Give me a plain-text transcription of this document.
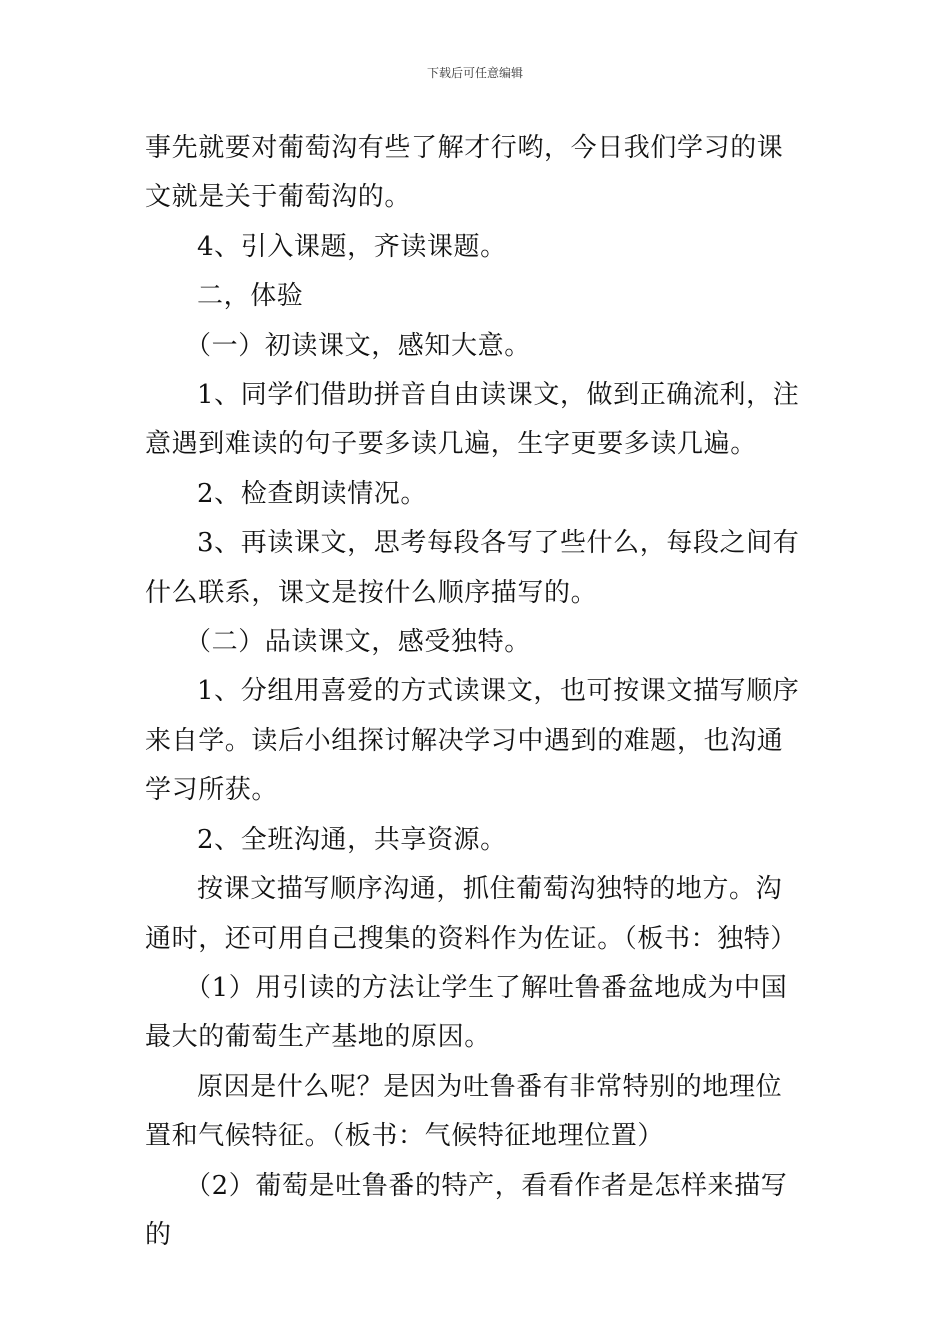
下载后可任意编辑

事先就要对葡萄沟有些了解才行哟，今日我们学习的课文就是关于葡萄沟的。

4、引入课题，齐读课题。

二，体验

（一）初读课文，感知大意。

1、同学们借助拼音自由读课文，做到正确流利，注意遇到难读的句子要多读几遍，生字更要多读几遍。

2、检查朗读情况。

3、再读课文，思考每段各写了些什么，每段之间有什么联系，课文是按什么顺序描写的。

（二）品读课文，感受独特。

1、分组用喜爱的方式读课文，也可按课文描写顺序来自学。读后小组探讨解决学习中遇到的难题，也沟通学习所获。

2、全班沟通，共享资源。

按课文描写顺序沟通，抓住葡萄沟独特的地方。沟通时，还可用自己搜集的资料作为佐证。（板书：独特）

（1）用引读的方法让学生了解吐鲁番盆地成为中国最大的葡萄生产基地的原因。

原因是什么呢？是因为吐鲁番有非常特别的地理位置和气候特征。（板书：气候特征地理位置）

（2）葡萄是吐鲁番的特产，看看作者是怎样来描写的
